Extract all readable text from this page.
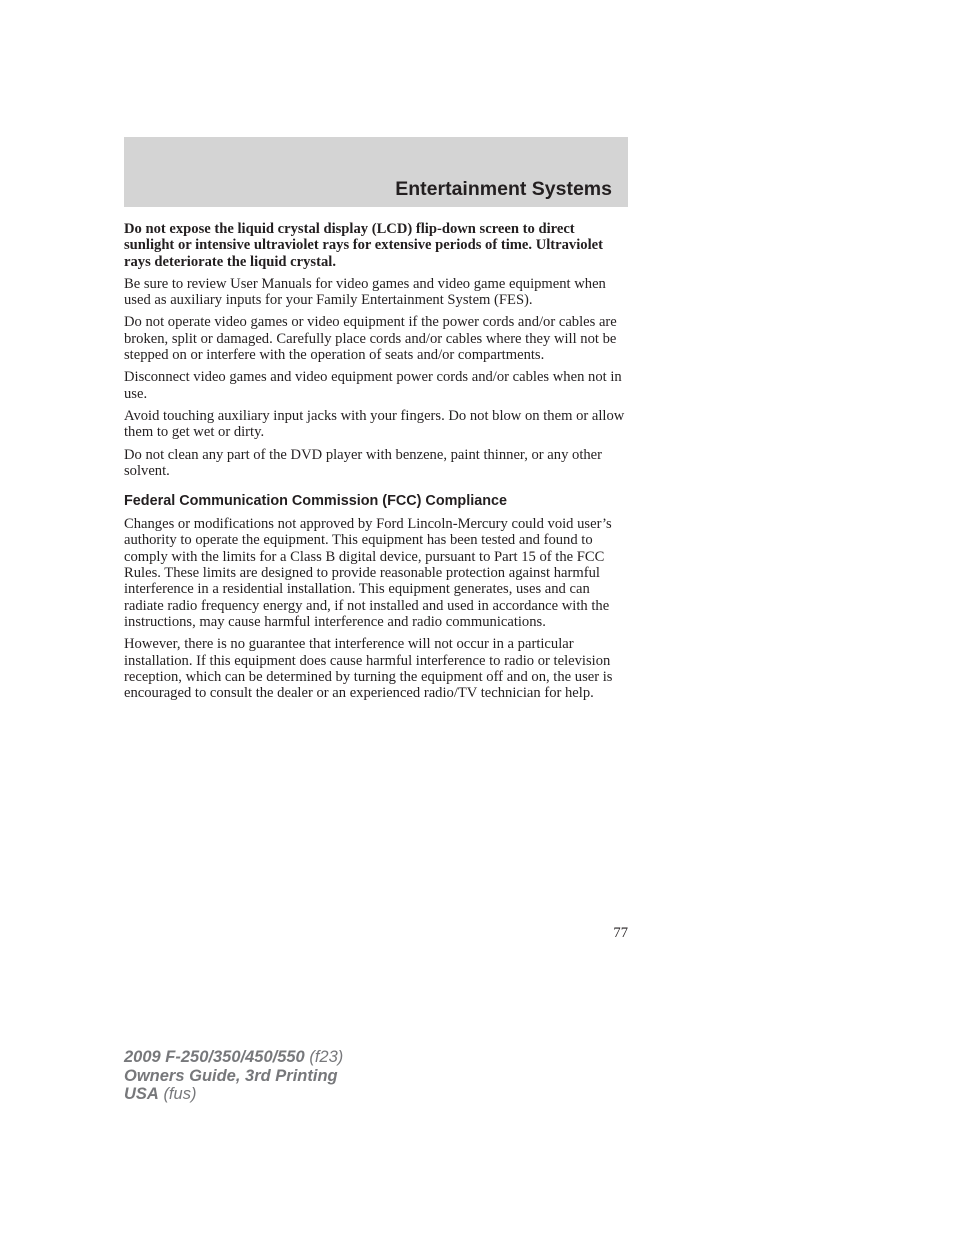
Entertainment Systems

Do not expose the liquid crystal display (LCD) flip-down screen to direct sunlight or intensive ultraviolet rays for extensive periods of time. Ultraviolet rays deteriorate the liquid crystal.

Be sure to review User Manuals for video games and video game equipment when used as auxiliary inputs for your Family Entertainment System (FES).

Do not operate video games or video equipment if the power cords and/or cables are broken, split or damaged. Carefully place cords and/or cables where they will not be stepped on or interfere with the operation of seats and/or compartments.

Disconnect video games and video equipment power cords and/or cables when not in use.

Avoid touching auxiliary input jacks with your fingers. Do not blow on them or allow them to get wet or dirty.

Do not clean any part of the DVD player with benzene, paint thinner, or any other solvent.

Federal Communication Commission (FCC) Compliance

Changes or modifications not approved by Ford Lincoln-Mercury could void user’s authority to operate the equipment. This equipment has been tested and found to comply with the limits for a Class B digital device, pursuant to Part 15 of the FCC Rules. These limits are designed to provide reasonable protection against harmful interference in a residential installation. This equipment generates, uses and can radiate radio frequency energy and, if not installed and used in accordance with the instructions, may cause harmful interference and radio communications.

However, there is no guarantee that interference will not occur in a particular installation. If this equipment does cause harmful interference to radio or television reception, which can be determined by turning the equipment off and on, the user is encouraged to consult the dealer or an experienced radio/TV technician for help.

77
2009 F-250/350/450/550 (f23)
Owners Guide, 3rd Printing
USA (fus)
